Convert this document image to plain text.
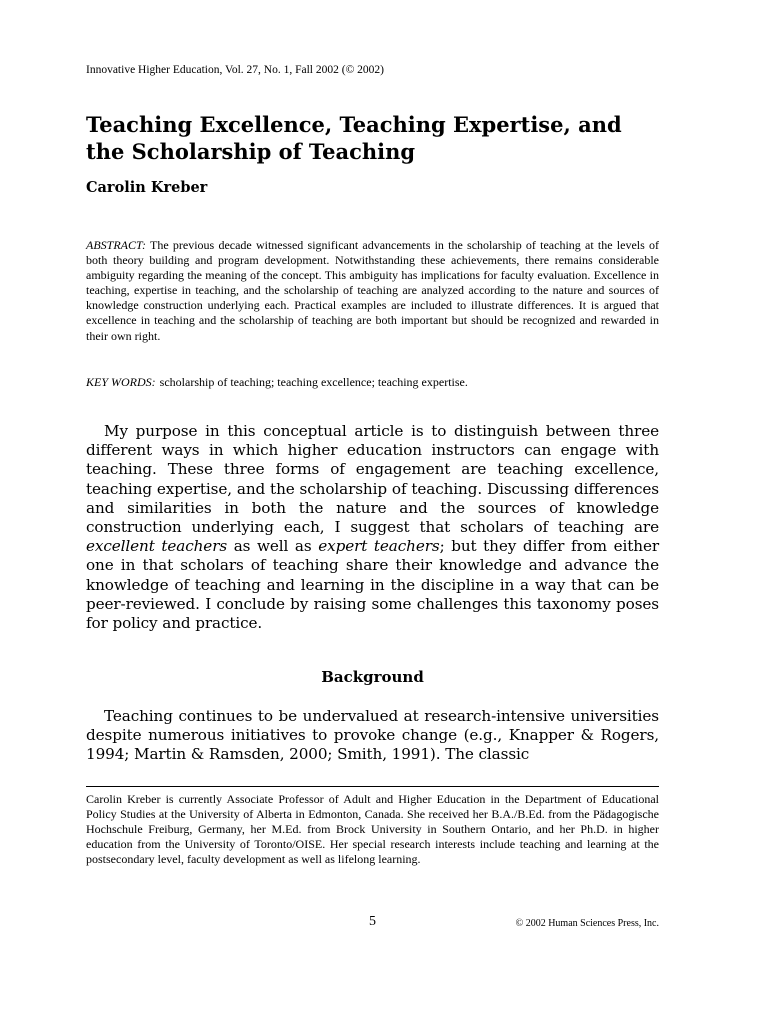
Innovative Higher Education, Vol. 27, No. 1, Fall 2002 (© 2002)
Teaching Excellence, Teaching Expertise, and the Scholarship of Teaching
Carolin Kreber

ABSTRACT: The previous decade witnessed significant advancements in the scholarship of teaching at the levels of both theory building and program development. Notwithstanding these achievements, there remains considerable ambiguity regarding the meaning of the concept. This ambiguity has implications for faculty evaluation. Excellence in teaching, expertise in teaching, and the scholarship of teaching are analyzed according to the nature and sources of knowledge construction underlying each. Practical examples are included to illustrate differences. It is argued that excellence in teaching and the scholarship of teaching are both important but should be recognized and rewarded in their own right.

KEY WORDS: scholarship of teaching; teaching excellence; teaching expertise.

My purpose in this conceptual article is to distinguish between three different ways in which higher education instructors can engage with teaching. These three forms of engagement are teaching excellence, teaching expertise, and the scholarship of teaching. Discussing differences and similarities in both the nature and the sources of knowledge construction underlying each, I suggest that scholars of teaching are excellent teachers as well as expert teachers; but they differ from either one in that scholars of teaching share their knowledge and advance the knowledge of teaching and learning in the discipline in a way that can be peer-reviewed. I conclude by raising some challenges this taxonomy poses for policy and practice.

Background

Teaching continues to be undervalued at research-intensive universities despite numerous initiatives to provoke change (e.g., Knapper & Rogers, 1994; Martin & Ramsden, 2000; Smith, 1991). The classic

Carolin Kreber is currently Associate Professor of Adult and Higher Education in the Department of Educational Policy Studies at the University of Alberta in Edmonton, Canada. She received her B.A./B.Ed. from the Pädagogische Hochschule Freiburg, Germany, her M.Ed. from Brock University in Southern Ontario, and her Ph.D. in higher education from the University of Toronto/OISE. Her special research interests include teaching and learning at the postsecondary level, faculty development as well as lifelong learning.

5	© 2002 Human Sciences Press, Inc.
